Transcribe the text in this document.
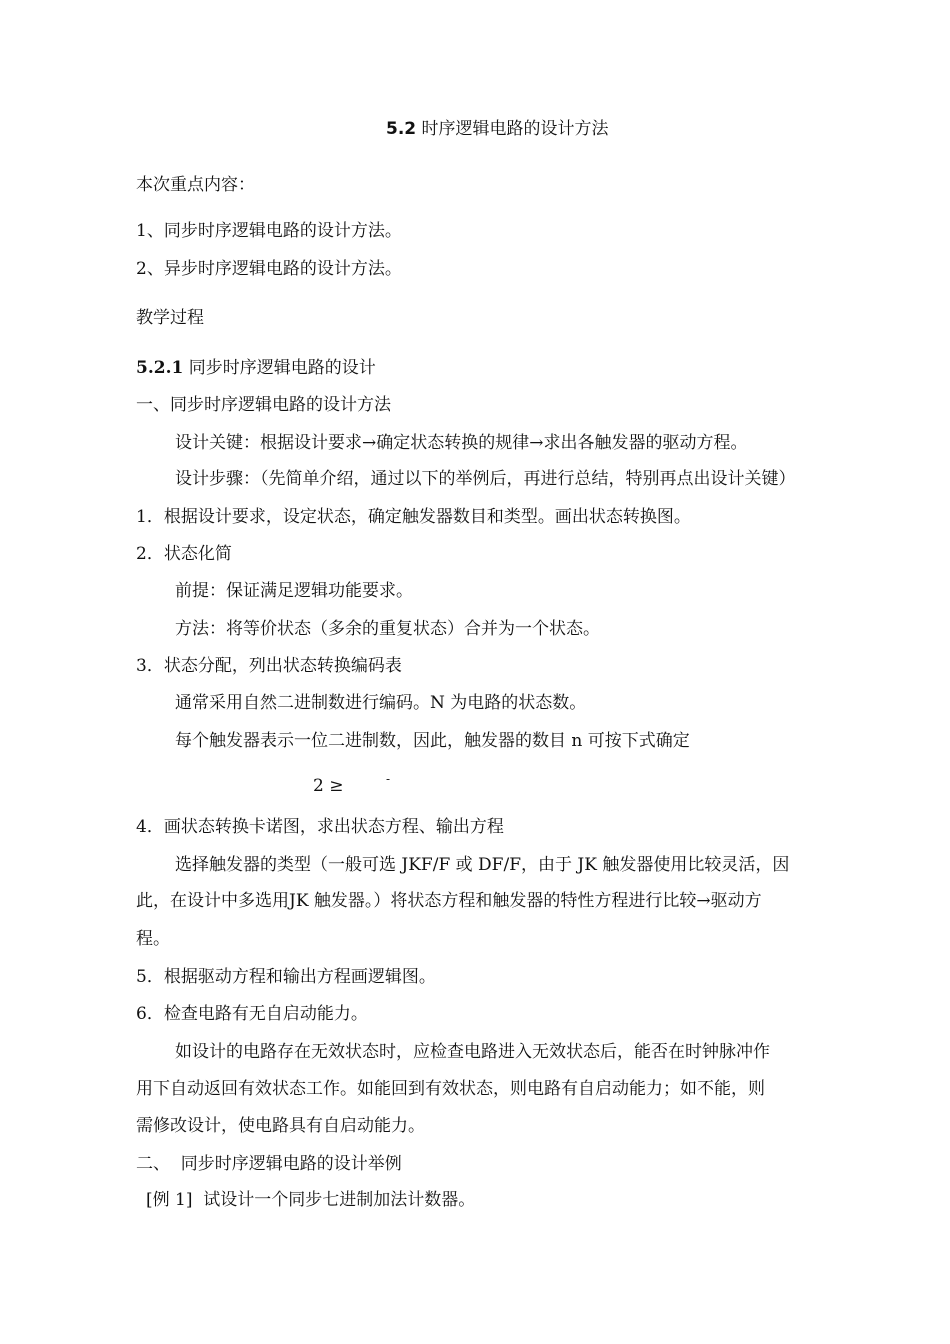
5.2 时序逻辑电路的设计方法
本次重点内容：
1、同步时序逻辑电路的设计方法。
2、异步时序逻辑电路的设计方法。
教学过程
5.2.1 同步时序逻辑电路的设计
一、同步时序逻辑电路的设计方法
设计关键：根据设计要求→确定状态转换的规律→求出各触发器的驱动方程。
设计步骤：（先简单介绍，通过以下的举例后，再进行总结，特别再点出设计关键）
1．根据设计要求，设定状态，确定触发器数目和类型。画出状态转换图。
2．状态化简
前提：保证满足逻辑功能要求。
方法：将等价状态（多余的重复状态）合并为一个状态。
3．状态分配，列出状态转换编码表
通常采用自然二进制数进行编码。N 为电路的状态数。
每个触发器表示一位二进制数，因此，触发器的数目 n 可按下式确定
2 ≥	-
4．画状态转换卡诺图，求出状态方程、输出方程
选择触发器的类型（一般可选 JKF/F 或 DF/F，由于 JK 触发器使用比较灵活，因
此，在设计中多选用JK 触发器。）将状态方程和触发器的特性方程进行比较→驱动方
程。
5．根据驱动方程和输出方程画逻辑图。
6．检查电路有无自启动能力。
如设计的电路存在无效状态时，应检查电路进入无效状态后，能否在时钟脉冲作
用下自动返回有效状态工作。如能回到有效状态，则电路有自启动能力；如不能，则
需修改设计，使电路具有自启动能力。
二、  同步时序逻辑电路的设计举例
[例 1]  试设计一个同步七进制加法计数器。
